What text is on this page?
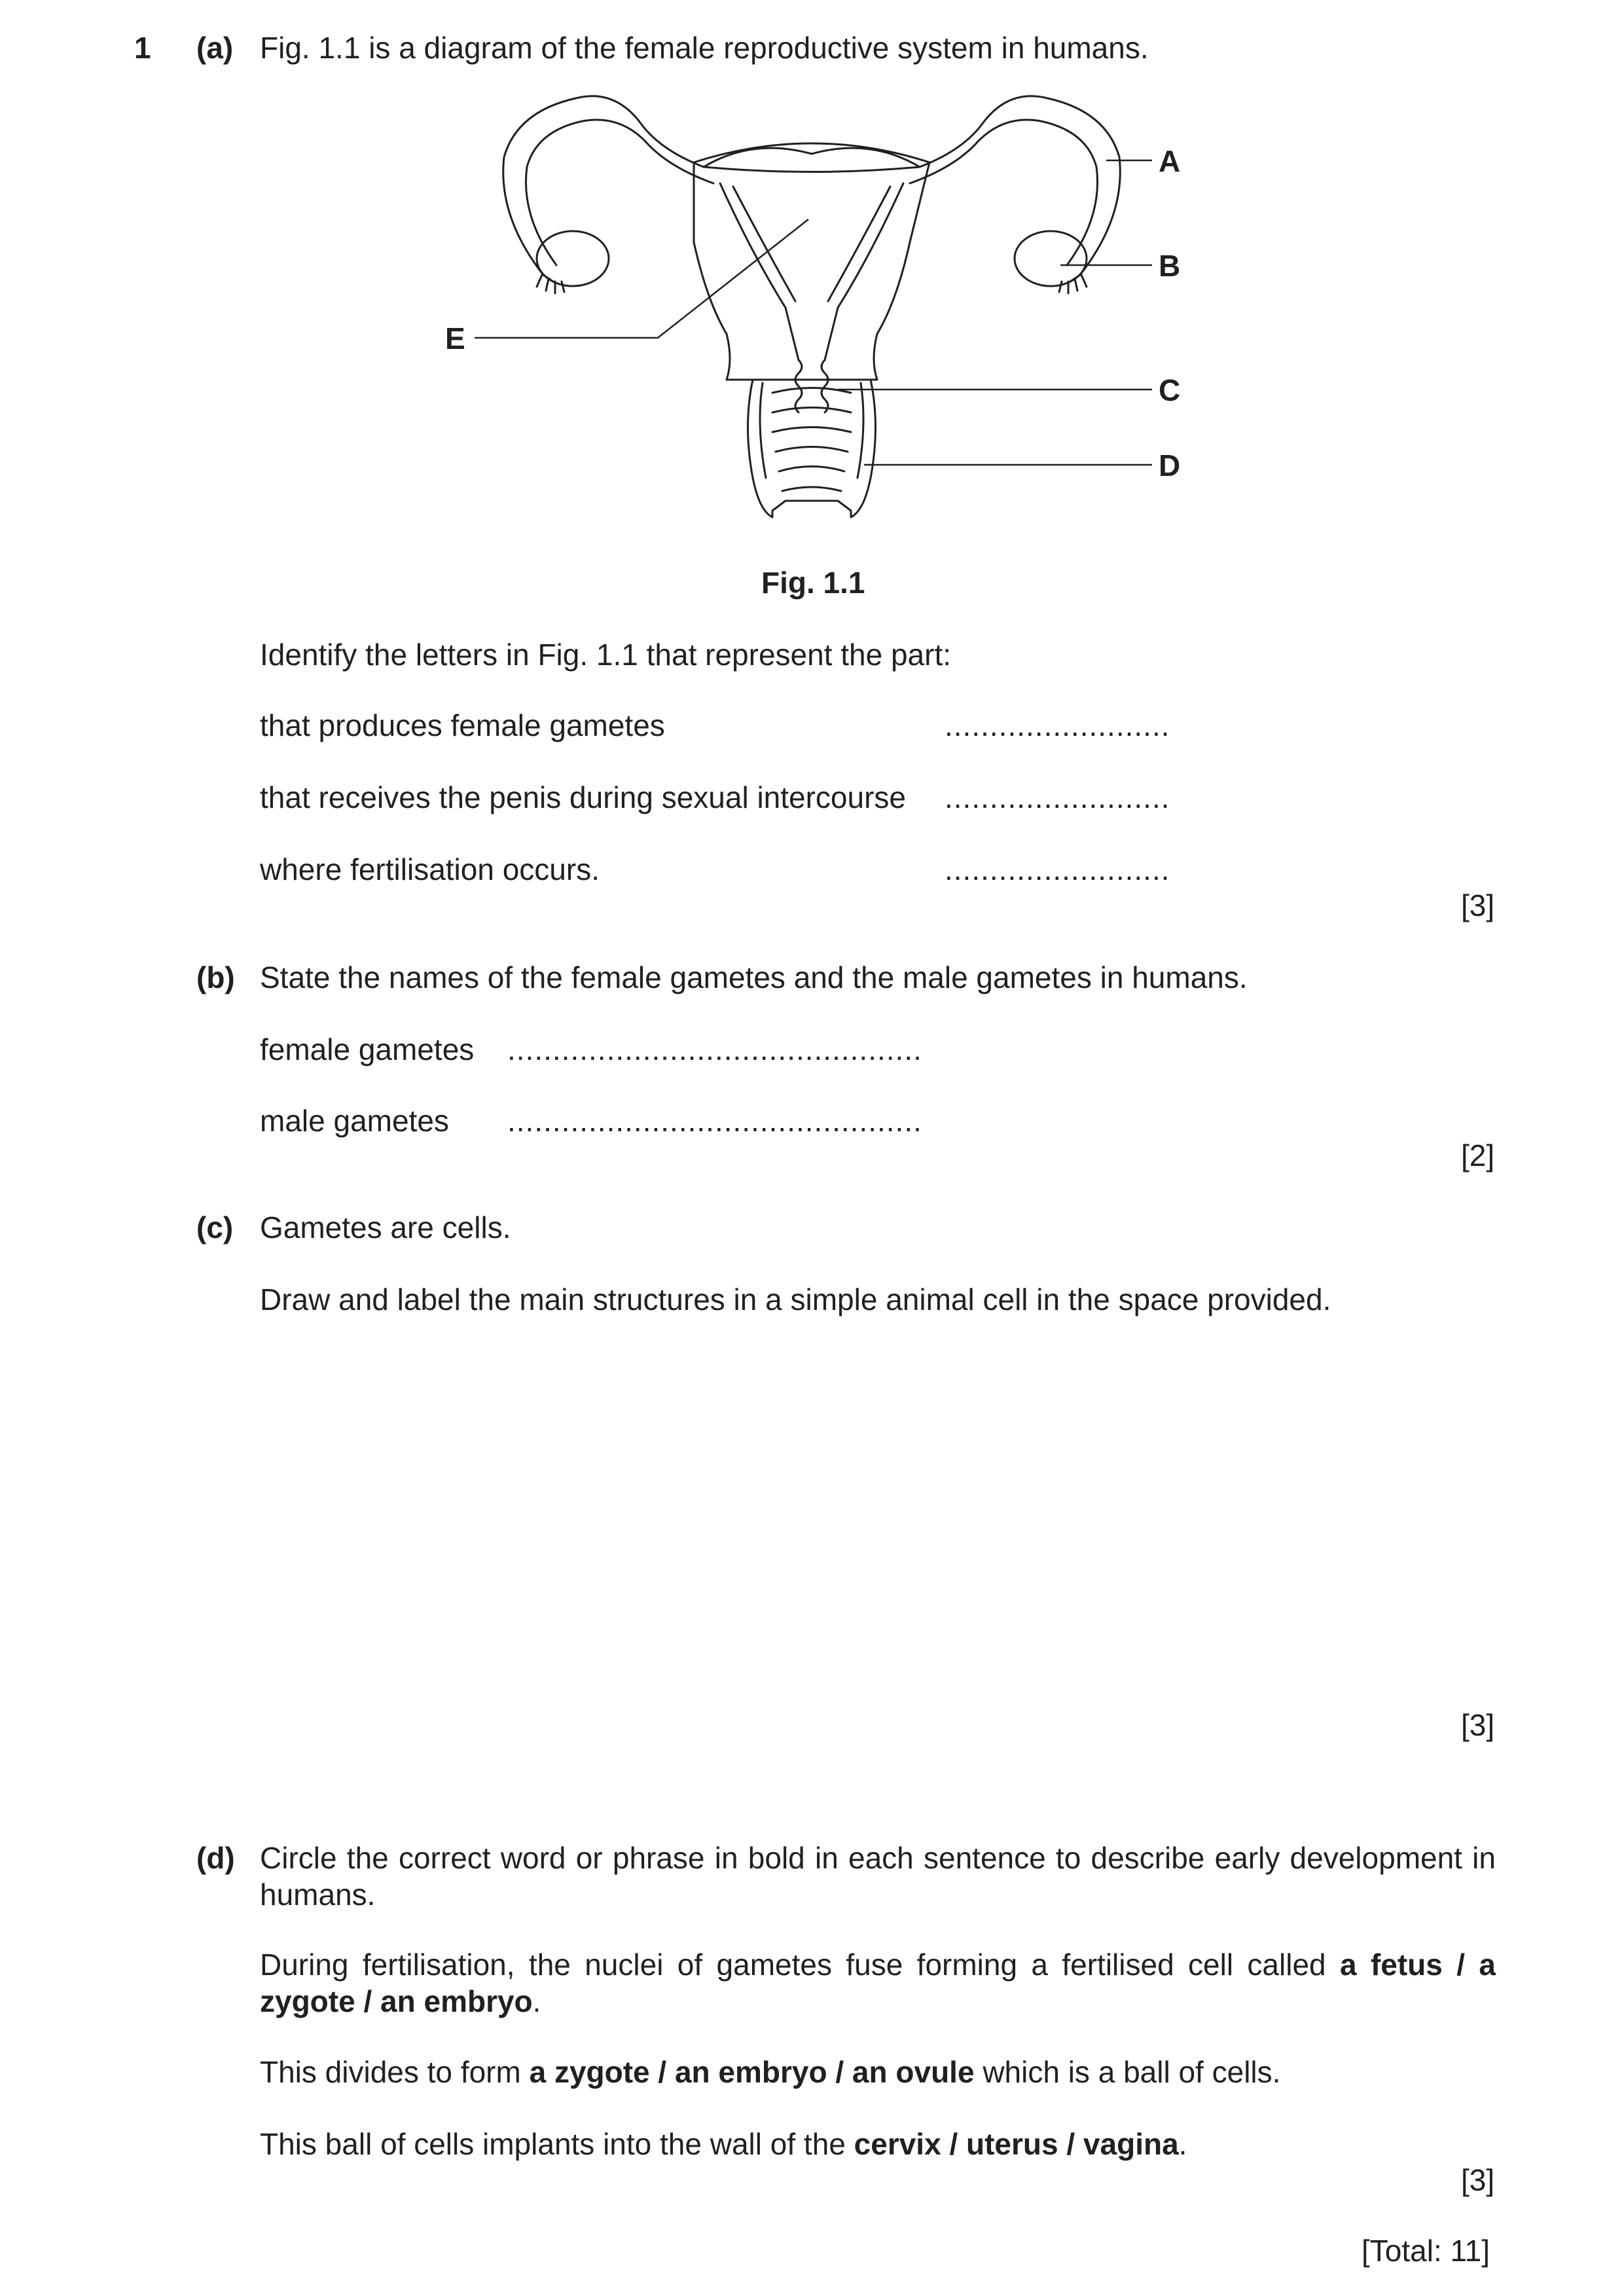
1 (a) Fig. 1.1 is a diagram of the female reproductive system in humans.
A
B
C
D
E
Fig. 1.1
Identify the letters in Fig. 1.1 that represent the part:
that produces female gametes	.........................
that receives the penis during sexual intercourse .........................
where fertilisation occurs.	.........................
[3]
(b) State the names of the female gametes and the male gametes in humans.
female gametes ..............................................
male gametes ..............................................
[2]
(c) Gametes are cells.
Draw and label the main structures in a simple animal cell in the space provided.
[3]
(d) Circle the correct word or phrase in bold in each sentence to describe early development in humans.
During fertilisation, the nuclei of gametes fuse forming a fertilised cell called a fetus / a zygote / an embryo.
This divides to form a zygote / an embryo / an ovule which is a ball of cells.
This ball of cells implants into the wall of the cervix / uterus / vagina.
[3]
[Total: 11]
